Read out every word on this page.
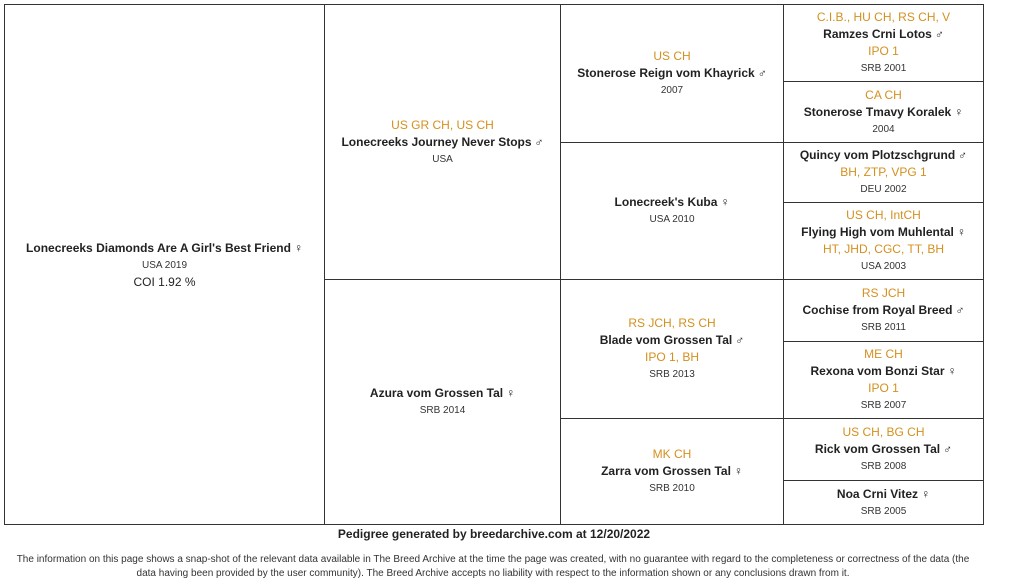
Lonecreeks Diamonds Are A Girl's Best Friend ♀
USA 2019
COI 1.92 %
US GR CH, US CH
Lonecreeks Journey Never Stops ♂
USA
Azura vom Grossen Tal ♀
SRB 2014
US CH
Stonerose Reign vom Khayrick ♂
2007
Lonecreek's Kuba ♀
USA 2010
RS JCH, RS CH
Blade vom Grossen Tal ♂
IPO 1, BH
SRB 2013
MK CH
Zarra vom Grossen Tal ♀
SRB 2010
C.I.B., HU CH, RS CH, V
Ramzes Crni Lotos ♂
IPO 1
SRB 2001
CA CH
Stonerose Tmavy Koralek ♀
2004
Quincy vom Plotzschgrund ♂
BH, ZTP, VPG 1
DEU 2002
US CH, IntCH
Flying High vom Muhlental ♀
HT, JHD, CGC, TT, BH
USA 2003
RS JCH
Cochise from Royal Breed ♂
SRB 2011
ME CH
Rexona vom Bonzi Star ♀
IPO 1
SRB 2007
US CH, BG CH
Rick vom Grossen Tal ♂
SRB 2008
Noa Crni Vitez ♀
SRB 2005
Pedigree generated by breedarchive.com at 12/20/2022
The information on this page shows a snap-shot of the relevant data available in The Breed Archive at the time the page was created, with no guarantee with regard to the completeness or correctness of the data (the data having been provided by the user community). The Breed Archive accepts no liability with respect to the information shown or any conclusions drawn from it.
